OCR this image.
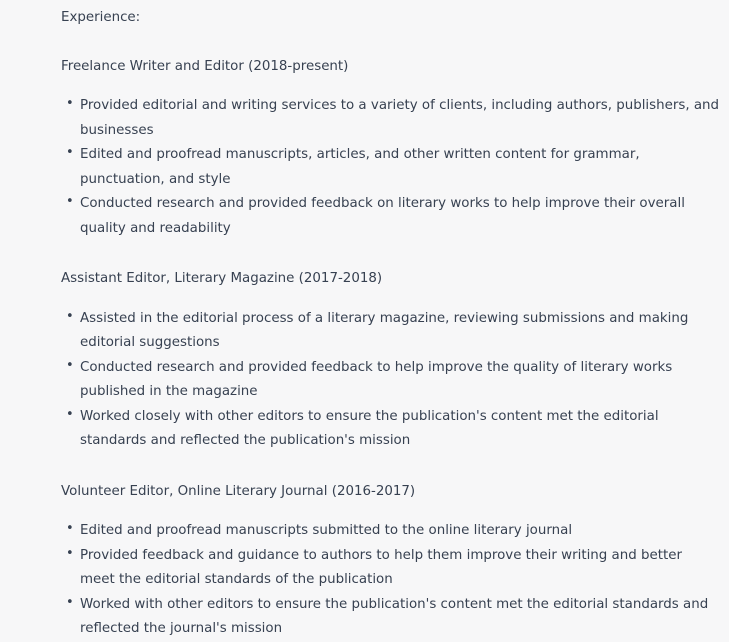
Experience:

Freelance Writer and Editor (2018-present)

• Provided editorial and writing services to a variety of clients, including authors, publishers, and businesses
• Edited and proofread manuscripts, articles, and other written content for grammar, punctuation, and style
• Conducted research and provided feedback on literary works to help improve their overall quality and readability

Assistant Editor, Literary Magazine (2017-2018)

• Assisted in the editorial process of a literary magazine, reviewing submissions and making editorial suggestions
• Conducted research and provided feedback to help improve the quality of literary works published in the magazine
• Worked closely with other editors to ensure the publication's content met the editorial standards and reflected the publication's mission

Volunteer Editor, Online Literary Journal (2016-2017)

• Edited and proofread manuscripts submitted to the online literary journal
• Provided feedback and guidance to authors to help them improve their writing and better meet the editorial standards of the publication
• Worked with other editors to ensure the publication's content met the editorial standards and reflected the journal's mission
